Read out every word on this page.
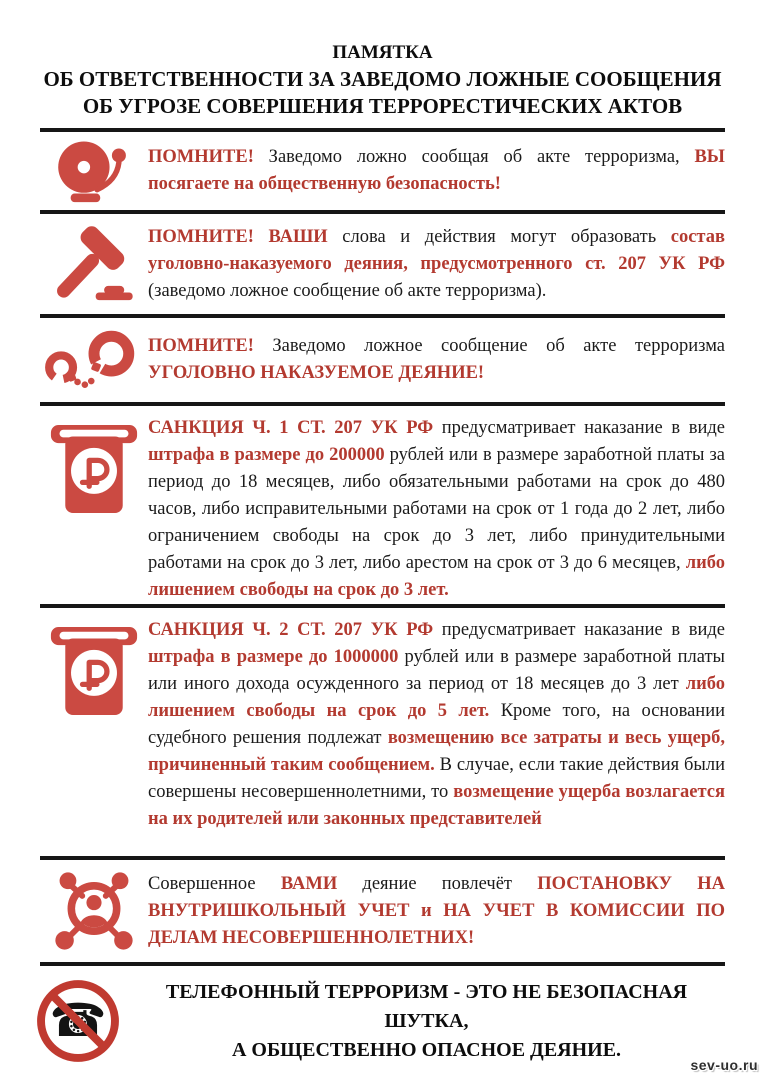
ПАМЯТКА
ОБ ОТВЕТСТВЕННОСТИ ЗА ЗАВЕДОМО ЛОЖНЫЕ СООБЩЕНИЯ
ОБ УГРОЗЕ СОВЕРШЕНИЯ ТЕРРОРЕСТИЧЕСКИХ АКТОВ
ПОМНИТЕ! Заведомо ложно сообщая об акте терроризма, ВЫ посягаете на общественную безопасность!
ПОМНИТЕ! ВАШИ слова и действия могут образовать состав уголовно-наказуемого деяния, предусмотренного ст. 207 УК РФ (заведомо ложное сообщение об акте терроризма).
ПОМНИТЕ! Заведомо ложное сообщение об акте терроризма УГОЛОВНО НАКАЗУЕМОЕ ДЕЯНИЕ!
САНКЦИЯ Ч. 1 СТ. 207 УК РФ предусматривает наказание в виде штрафа в размере до 200000 рублей или в размере заработной платы за период до 18 месяцев, либо обязательными работами на срок до 480 часов, либо исправительными работами на срок от 1 года до 2 лет, либо ограничением свободы на срок до 3 лет, либо принудительными работами на срок до 3 лет, либо арестом на срок от 3 до 6 месяцев, либо лишением свободы на срок до 3 лет.
САНКЦИЯ Ч. 2 СТ. 207 УК РФ предусматривает наказание в виде штрафа в размере до 1000000 рублей или в размере заработной платы или иного дохода осужденного за период от 18 месяцев до 3 лет либо лишением свободы на срок до 5 лет. Кроме того, на основании судебного решения подлежат возмещению все затраты и весь ущерб, причиненный таким сообщением. В случае, если такие действия были совершены несовершеннолетними, то возмещение ущерба возлагается на их родителей или законных представителей
Совершенное ВАМИ деяние повлечёт ПОСТАНОВКУ НА ВНУТРИШКОЛЬНЫЙ УЧЕТ и НА УЧЕТ В КОМИССИИ ПО ДЕЛАМ НЕСОВЕРШЕННОЛЕТНИХ!
☎
ТЕЛЕФОННЫЙ ТЕРРОРИЗМ - ЭТО НЕ БЕЗОПАСНАЯ ШУТКА,
А ОБЩЕСТВЕННО ОПАСНОЕ ДЕЯНИЕ.
sev-uo.ru
